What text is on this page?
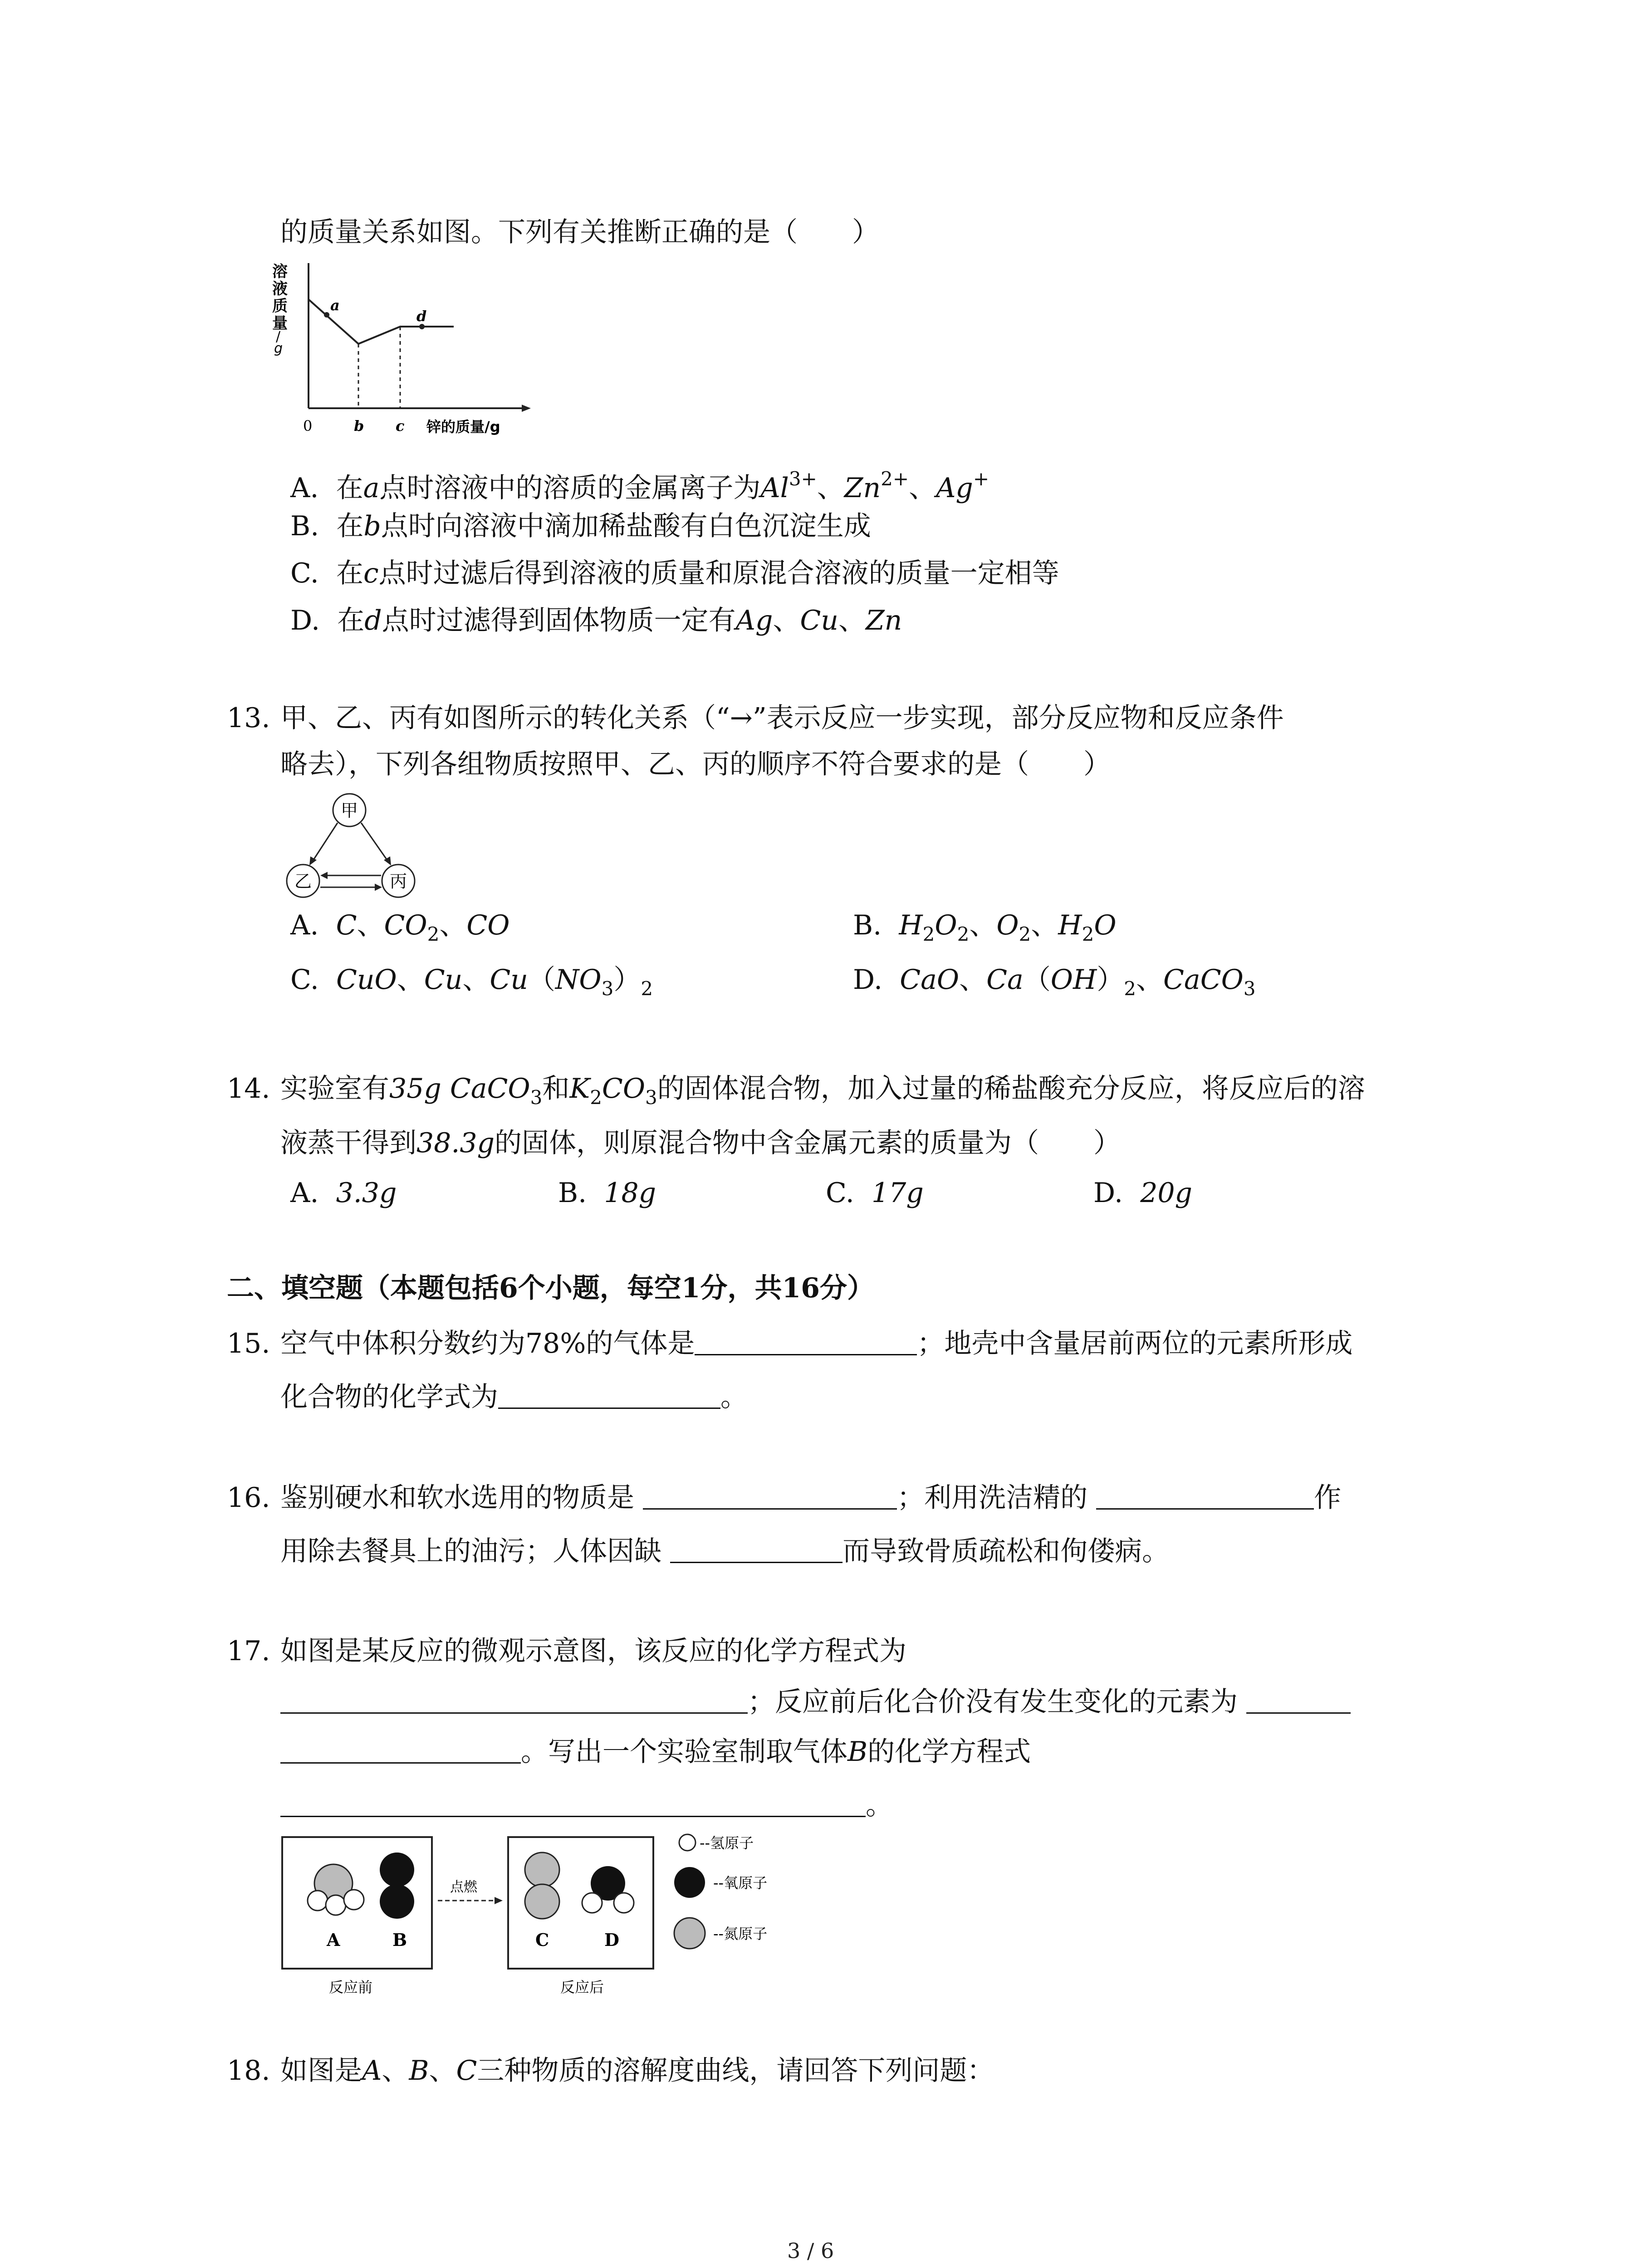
的质量关系如图。下列有关推断正确的是（　　）
溶
液
质
量
/
g
a
d
0	b c 锌的质量/g
A. 在a点时溶液中的溶质的金属离子为$Al^{3+}$、$Zn^{2+}$、Ag+
B. 在b点时向溶液中滴加稀盐酸有白色沉淀生成
C. 在c点时过滤后得到溶液的质量和原混合溶液的质量一定相等
D. 在d点时过滤得到固体物质一定有Ag、Cu、Zn
13. 甲、乙、丙有如图所示的转化关系（“→”表示反应一步实现，部分反应物和反应条件
略去），下列各组物质按照甲、乙、丙的顺序不符合要求的是（　　）
甲
乙	丙
A. C、$CO_2$、CO	B. $H_2O_2$、$O_2$、$H_2O$
C. CuO、Cu、$Cu(NO_3)_2$	D. CaO、$Ca(OH)_2$、CaCO$_3$
14. 实验室有35g CaCO$_3$和$K_2CO_3$的固体混合物，加入过量的稀盐酸充分反应，将反应后的溶
液蒸干得到38.3g的固体，则原混合物中含金属元素的质量为（　　）
A. 3.3g	B. 18g	C. 17g	D. 20g
二、填空题（本题包括6个小题，每空1分，共16分）
15. 空气中体积分数约为78%的气体是	；地壳中含量居前两位的元素所形成
化合物的化学式为	。
16. 鉴别硬水和软水选用的物质是	；利用洗洁精的	作
用除去餐具上的油污；人体因缺	而导致骨质疏松和佝偻病。
17. 如图是某反应的微观示意图，该反应的化学方程式为
；反应前后化合价没有发生变化的元素为
。写出一个实验室制取气体B的化学方程式
。
A	B
点燃
C	D
反应前	反应后
--氢原子
--氧原子
--氮原子
18. 如图是A、B、C三种物质的溶解度曲线，请回答下列问题：
3 / 6
